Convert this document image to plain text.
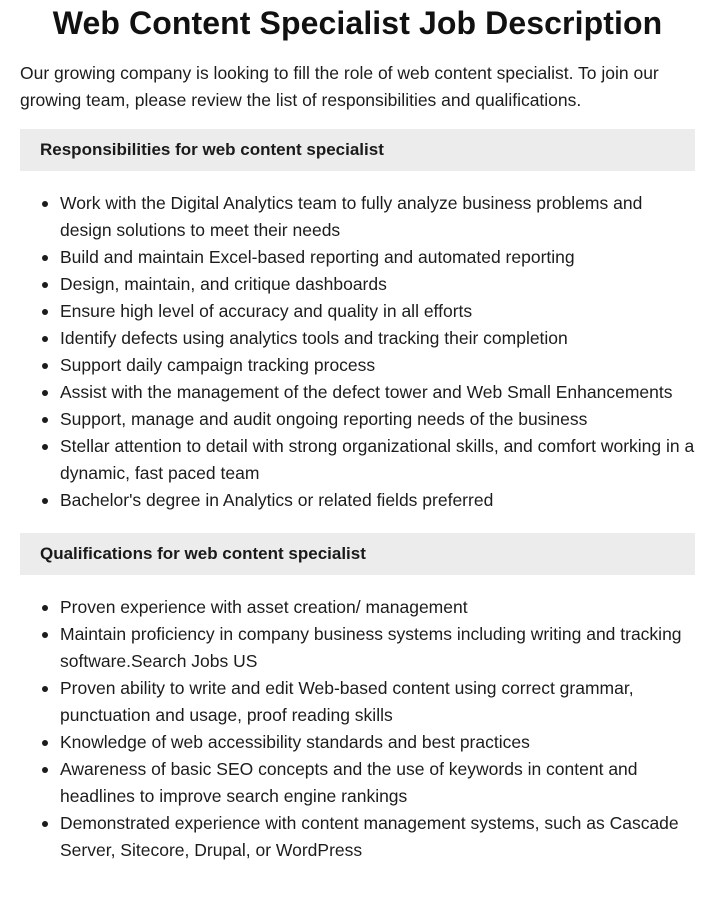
Web Content Specialist Job Description

Our growing company is looking to fill the role of web content specialist. To join our growing team, please review the list of responsibilities and qualifications.

Responsibilities for web content specialist
Work with the Digital Analytics team to fully analyze business problems and design solutions to meet their needs
Build and maintain Excel-based reporting and automated reporting
Design, maintain, and critique dashboards
Ensure high level of accuracy and quality in all efforts
Identify defects using analytics tools and tracking their completion
Support daily campaign tracking process
Assist with the management of the defect tower and Web Small Enhancements
Support, manage and audit ongoing reporting needs of the business
Stellar attention to detail with strong organizational skills, and comfort working in a dynamic, fast paced team
Bachelor's degree in Analytics or related fields preferred
Qualifications for web content specialist
Proven experience with asset creation/ management
Maintain proficiency in company business systems including writing and tracking software.Search Jobs US
Proven ability to write and edit Web-based content using correct grammar, punctuation and usage, proof reading skills
Knowledge of web accessibility standards and best practices
Awareness of basic SEO concepts and the use of keywords in content and headlines to improve search engine rankings
Demonstrated experience with content management systems, such as Cascade Server, Sitecore, Drupal, or WordPress
